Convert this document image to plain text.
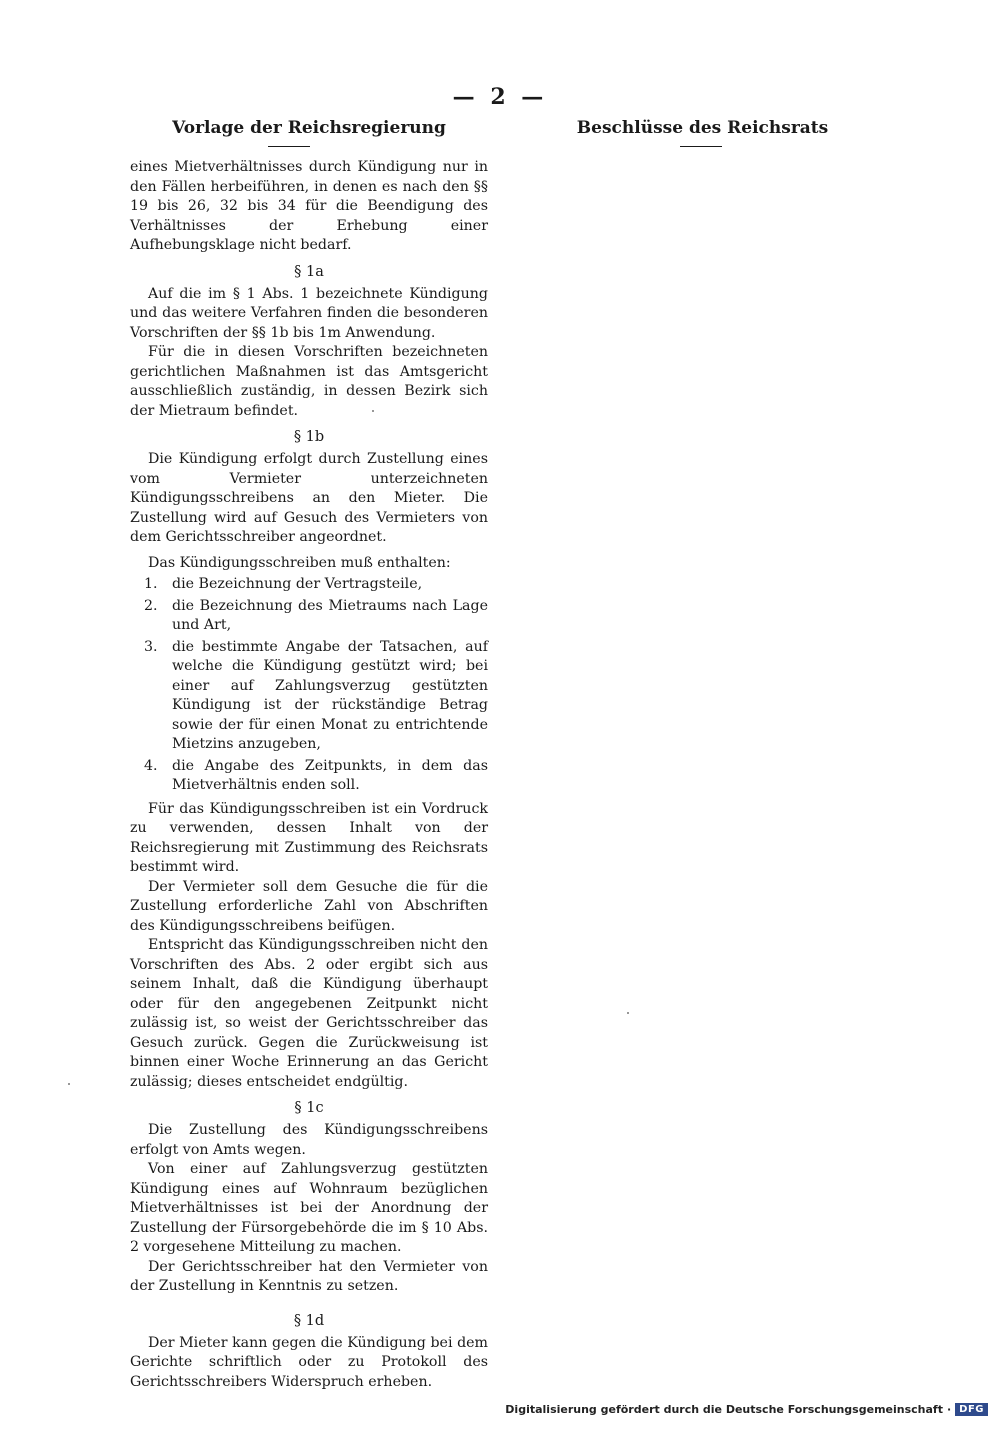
— 2 —
Vorlage der Reichsregierung	Beschlüsse des Reichsrats

eines Mietverhältnisses durch Kündigung nur in den Fällen herbeiführen, in denen es nach den §§ 19 bis 26, 32 bis 34 für die Beendigung des Verhältnisses der Erhebung einer Aufhebungsklage nicht bedarf.

§ 1a

Auf die im § 1 Abs. 1 bezeichnete Kündigung und das weitere Verfahren finden die besonderen Vorschriften der §§ 1b bis 1m Anwendung.

Für die in diesen Vorschriften bezeichneten gerichtlichen Maßnahmen ist das Amtsgericht ausschließlich zuständig, in dessen Bezirk sich der Mietraum befindet.

§ 1b

Die Kündigung erfolgt durch Zustellung eines vom Vermieter unterzeichneten Kündigungsschreibens an den Mieter. Die Zustellung wird auf Gesuch des Vermieters von dem Gerichtsschreiber angeordnet.

Das Kündigungsschreiben muß enthalten:

1.	die Bezeichnung der Vertragsteile,
2.	die Bezeichnung des Mietraums nach Lage und Art,
3.	die bestimmte Angabe der Tatsachen, auf welche die Kündigung gestützt wird; bei einer auf Zahlungsverzug gestützten Kündigung ist der rückständige Betrag sowie der für einen Monat zu entrichtende Mietzins anzugeben,
4.	die Angabe des Zeitpunkts, in dem das Mietverhältnis enden soll.

Für das Kündigungsschreiben ist ein Vordruck zu verwenden, dessen Inhalt von der Reichsregierung mit Zustimmung des Reichsrats bestimmt wird.

Der Vermieter soll dem Gesuche die für die Zustellung erforderliche Zahl von Abschriften des Kündigungsschreibens beifügen.

Entspricht das Kündigungsschreiben nicht den Vorschriften des Abs. 2 oder ergibt sich aus seinem Inhalt, daß die Kündigung überhaupt oder für den angegebenen Zeitpunkt nicht zulässig ist, so weist der Gerichtsschreiber das Gesuch zurück. Gegen die Zurückweisung ist binnen einer Woche Erinnerung an das Gericht zulässig; dieses entscheidet endgültig.

§ 1c

Die Zustellung des Kündigungsschreibens erfolgt von Amts wegen.

Von einer auf Zahlungsverzug gestützten Kündigung eines auf Wohnraum bezüglichen Mietverhältnisses ist bei der Anordnung der Zustellung der Fürsorgebehörde die im § 10 Abs. 2 vorgesehene Mitteilung zu machen.

Der Gerichtsschreiber hat den Vermieter von der Zustellung in Kenntnis zu setzen.

§ 1d

Der Mieter kann gegen die Kündigung bei dem Gerichte schriftlich oder zu Protokoll des Gerichtsschreibers Widerspruch erheben.

Digitalisierung gefördert durch die Deutsche Forschungsgemeinschaft · DFG
